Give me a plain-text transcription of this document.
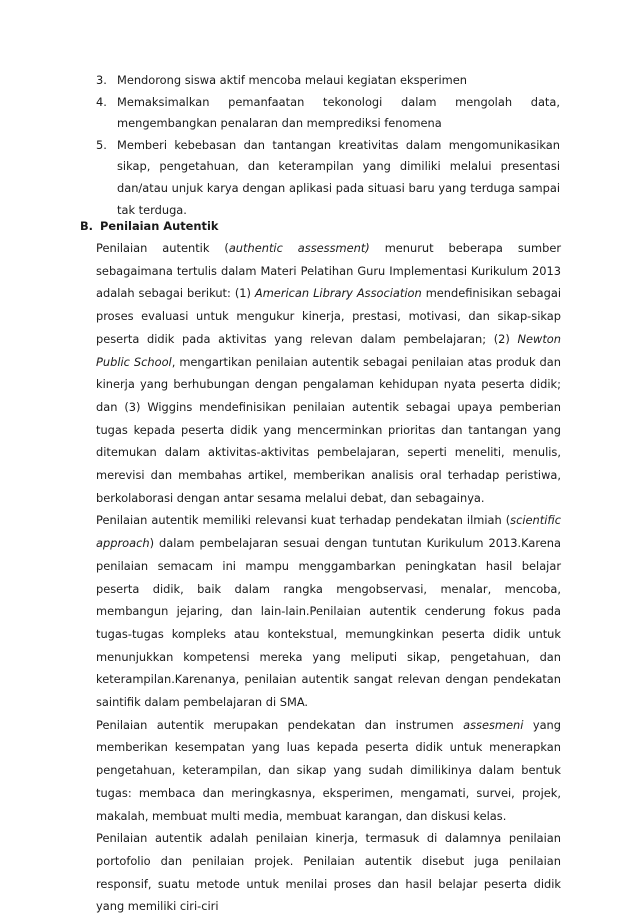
3. Mendorong siswa aktif mencoba melaui kegiatan eksperimen
4. Memaksimalkan pemanfaatan tekonologi dalam mengolah data, mengembangkan penalaran dan memprediksi fenomena
5. Memberi kebebasan dan tantangan kreativitas dalam mengomunikasikan sikap, pengetahuan, dan keterampilan yang dimiliki melalui presentasi dan/atau unjuk karya dengan aplikasi pada situasi baru yang terduga sampai tak terduga.
B. Penilaian Autentik

Penilaian autentik (authentic assessment) menurut beberapa sumber sebagaimana tertulis dalam Materi Pelatihan Guru Implementasi Kurikulum 2013 adalah sebagai berikut: (1) American Library Association mendefinisikan sebagai proses evaluasi untuk mengukur kinerja, prestasi, motivasi, dan sikap-sikap peserta didik pada aktivitas yang relevan dalam pembelajaran; (2) Newton Public School, mengartikan penilaian autentik sebagai penilaian atas produk dan kinerja yang berhubungan dengan pengalaman kehidupan nyata peserta didik; dan (3) Wiggins mendefinisikan penilaian autentik sebagai upaya pemberian tugas kepada peserta didik yang mencerminkan prioritas dan tantangan yang ditemukan dalam aktivitas-aktivitas pembelajaran, seperti meneliti, menulis, merevisi dan membahas artikel, memberikan analisis oral terhadap peristiwa, berkolaborasi dengan antar sesama melalui debat, dan sebagainya.

Penilaian autentik memiliki relevansi kuat terhadap pendekatan ilmiah (scientific approach) dalam pembelajaran sesuai dengan tuntutan Kurikulum 2013.Karena penilaian semacam ini mampu menggambarkan peningkatan hasil belajar peserta didik, baik dalam rangka mengobservasi, menalar, mencoba, membangun jejaring, dan lain-lain.Penilaian autentik cenderung fokus pada tugas-tugas kompleks atau kontekstual, memungkinkan peserta didik untuk menunjukkan kompetensi mereka yang meliputi sikap, pengetahuan, dan keterampilan.Karenanya, penilaian autentik sangat relevan dengan pendekatan saintifik dalam pembelajaran di SMA.

Penilaian autentik merupakan pendekatan dan instrumen assesmeni yang memberikan kesempatan yang luas kepada peserta didik untuk menerapkan pengetahuan, keterampilan, dan sikap yang sudah dimilikinya dalam bentuk tugas: membaca dan meringkasnya, eksperimen, mengamati, survei, projek, makalah, membuat multi media, membuat karangan, dan diskusi kelas.

Penilaian autentik adalah penilaian kinerja, termasuk di dalamnya penilaian portofolio dan penilaian projek. Penilaian autentik disebut juga penilaian responsif, suatu metode untuk menilai proses dan hasil belajar peserta didik yang memiliki ciri-ciri
